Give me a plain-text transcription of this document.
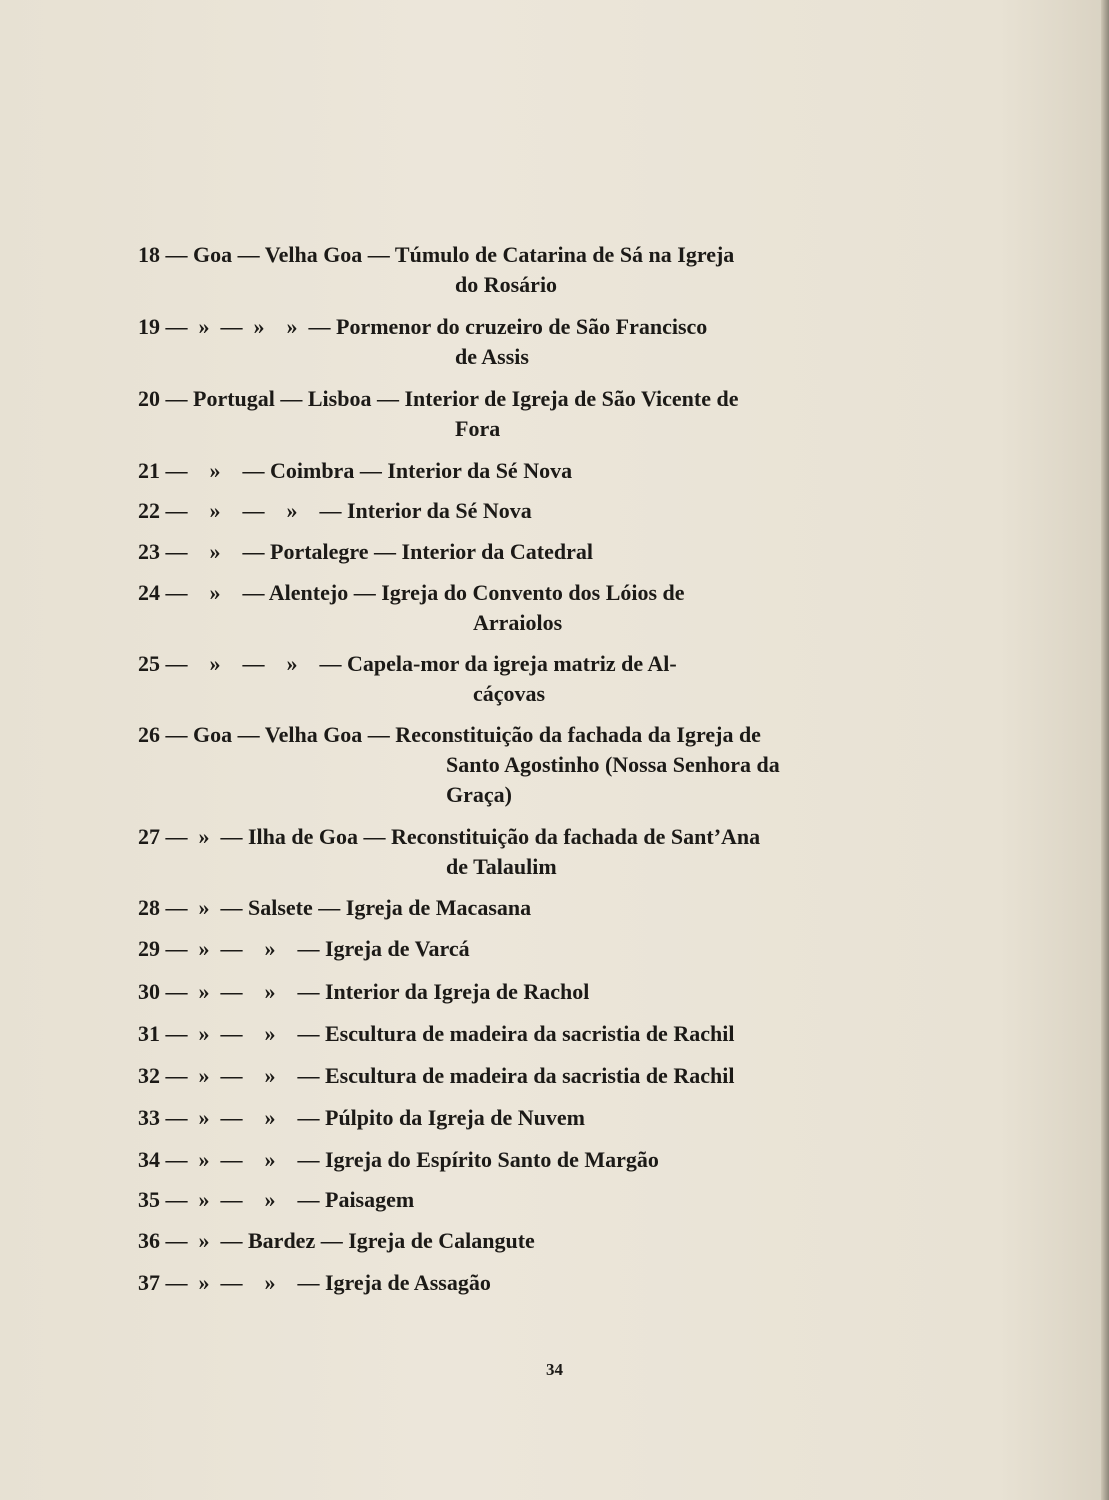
18 — Goa — Velha Goa — Túmulo de Catarina de Sá na Igreja
do Rosário
19 —  »  —  »    »  — Pormenor do cruzeiro de São Francisco
de Assis
20 — Portugal — Lisboa — Interior de Igreja de São Vicente de
Fora
21 —    »    — Coimbra — Interior da Sé Nova
22 —    »    —    »    — Interior da Sé Nova
23 —    »    — Portalegre — Interior da Catedral
24 —    »    — Alentejo — Igreja do Convento dos Lóios de
Arraiolos
25 —    »    —    »    — Capela-mor da igreja matriz de Al-
cáçovas
26 — Goa — Velha Goa — Reconstituição da fachada da Igreja de
Santo Agostinho (Nossa Senhora da
Graça)
27 —  »  — Ilha de Goa — Reconstituição da fachada de Sant’Ana
de Talaulim
28 —  »  — Salsete — Igreja de Macasana
29 —  »  —    »    — Igreja de Varcá
30 —  »  —    »    — Interior da Igreja de Rachol
31 —  »  —    »    — Escultura de madeira da sacristia de Rachil
32 —  »  —    »    — Escultura de madeira da sacristia de Rachil
33 —  »  —    »    — Púlpito da Igreja de Nuvem
34 —  »  —    »    — Igreja do Espírito Santo de Margão
35 —  »  —    »    — Paisagem
36 —  »  — Bardez — Igreja de Calangute
37 —  »  —    »    — Igreja de Assagão
34
